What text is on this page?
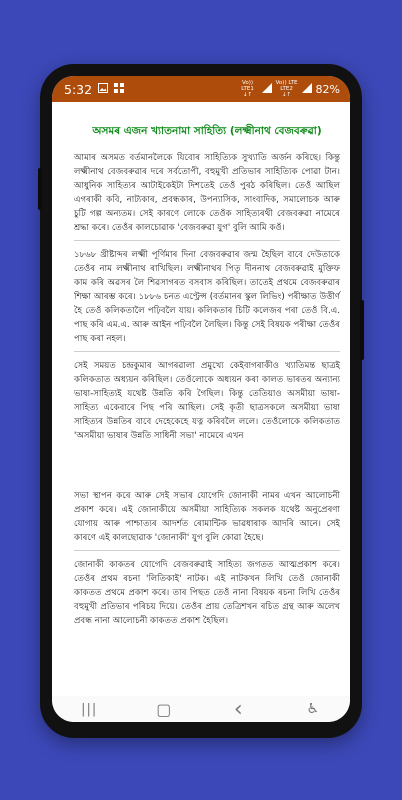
5:32	Vo)) LTE1 ↓↑
Vo)) LTE LTE2 ↓↑	82%
অসমৰ এজন খ্যাতনামা সাহিত্যি (লক্ষ্মীনাথ বেজবৰুৱা)

আমাৰ অসমত বৰ্তমানলৈকে যিবোৰ সাহিত্যিক সুখ্যাতি অৰ্জন কৰিছে। কিন্তু লক্ষ্মীনাথ বেজবৰুৱাৰ দৰে সৰ্বতোপী, বহুমুখী প্ৰতিভাৰ সাহিত্যিক পোৱা টান। আধুনিক সাহিত্যৰ আটাইকেইটা দিশতেই তেওঁ পুৰঠ কৰিছিল। তেওঁ আছিল এগৰাকী কবি, নাট্যকাৰ, প্ৰবন্ধকাৰ, উপন্যাসিক, সাংবাদিক, সমালোচক আৰু চুটি গল্প অন্যতম। সেই কাৰণে লোকে তেওঁক সাহিত্যৰথী বেজবৰুৱা নামেৰে শ্ৰদ্ধা কৰে। তেওঁৰ কালচোৱাক 'বেজবৰুৱা যুগ' বুলি আমি কওঁ।

১৮৬৮ খ্ৰীষ্টাব্দৰ লক্ষ্মী পূৰ্ণিমাৰ দিনা বেজবৰুৱাৰ জন্ম হৈছিল বাবে দেউতাকে তেওঁৰ নাম লক্ষ্মীনাথ ৰাখিছিল। লক্ষ্মীনাথৰ পিতৃ দীননাথ বেজবৰুৱাই মুক্তিফ কাম কৰি অৱসৰ লৈ শিৱসাগৰত বসবাস কৰিছিল। তাতেই প্ৰথমে বেজবৰুৱাৰ শিক্ষা আৰম্ভ কৰে। ১৮৮৬ চনত এণ্ট্ৰেন্স (বৰ্তমানৰ স্কুল লিভিং) পৰীক্ষাত উত্তীৰ্ণ হৈ তেওঁ কলিকতালৈ পঢ়িবলৈ যায়। কলিকতাৰ চিটি কলেজৰ পৰা তেওঁ বি.এ. পাছ কৰি এম.এ. আৰু আইন পঢ়িবলৈ লৈছিল। কিন্তু সেই বিষয়ক পৰীক্ষা তেওঁৰ পাছ কৰা নহল।

সেই সময়ত চন্দ্ৰকুমাৰ আগৰৱালা প্ৰমুখ্যে কেইবাগৰাকীও খ্যাতিমন্ত ছাত্ৰই কলিকতাত অধ্যয়ন কৰিছিল। তেওঁলোকে অধ্যয়ন কৰা কালত ভাৰতৰ অন্যান্য ভাষা-সাহিত্যই যথেষ্ট উন্নতি কৰি গৈছিল। কিন্তু তেতিয়াও অসমীয়া ভাষা-সাহিত্য একেবাৰে পিছ পৰি আছিল। সেই কৃতী ছাত্ৰসকলে অসমীয়া ভাষা সাহিত্যৰ উন্নতিৰ বাবে দেহেকেহে যত্ন কৰিবলৈ ললে। তেওঁলোকে কলিকতাত 'অসমীয়া ভাষাৰ উন্নতি সাধিনী সভা' নামেৰে এখন

সভা স্থাপন কৰে আৰু সেই সভাৰ যোগেদি জোনাকী নামৰ এখন আলোচনী প্ৰকাশ কৰে। এই জোনাকীয়ে অসমীয়া সাহিত্যিক সকলক যথেষ্ট অনুপ্ৰেৰণা যোগায় আৰু পাশ্চাত্যৰ আদৰ্শত ৰোমান্টিক ভাৱধাৰাক আদৰি আনে। সেই কাৰণে এই কালছোৱাক 'জোনাকী' যুগ বুলি কোৱা হৈছে।

জোনাকী কাকতৰ যোগেদি বেজবৰুৱাই সাহিত্য জগতত আত্মপ্ৰকাশ কৰে। তেওঁৰ প্ৰথম ৰচনা 'লিতিকাই' নাটক। এই নাটকখন লিখি তেওঁ জোনাকী কাকতত প্ৰথমে প্ৰকাশ কৰে। তাৰ পিছত তেওঁ নানা বিষয়ক ৰচনা লিখি তেওঁৰ বহুমুখী প্ৰতিভাৰ পৰিচয় দিয়ে। তেওঁৰ প্ৰায় তেত্ৰিশখন ৰচিত গ্ৰন্থ আৰু অলেখ প্ৰবন্ধ নানা আলোচনী কাকতত প্ৰকাশ হৈছিল।

|||	▢	‹	♿
